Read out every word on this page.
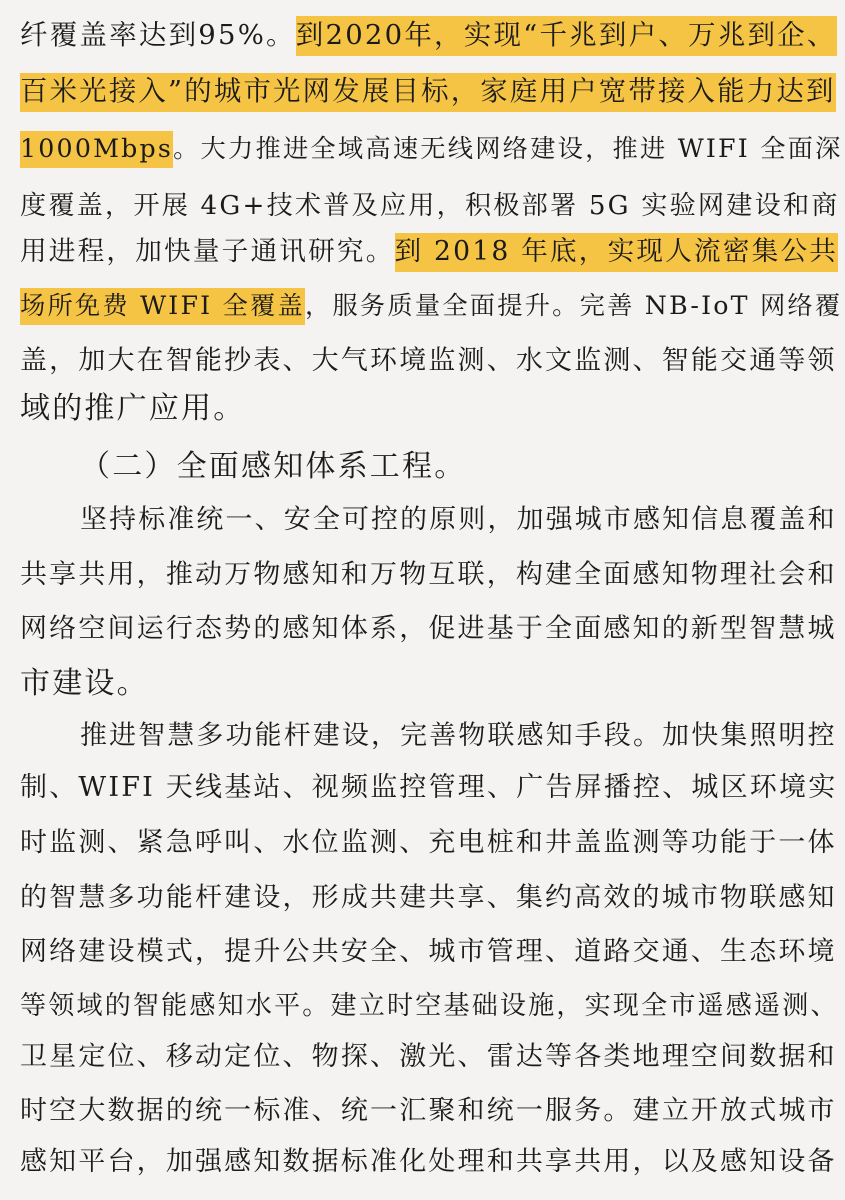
纤覆盖率达到95%。到2020年，实现“千兆到户、万兆到企、
百米光接入”的城市光网发展目标，家庭用户宽带接入能力达到
1000Mbps。大力推进全域高速无线网络建设，推进 WIFI 全面深
度覆盖，开展 4G+技术普及应用，积极部署 5G 实验网建设和商
用进程，加快量子通讯研究。到 2018 年底，实现人流密集公共
场所免费 WIFI 全覆盖，服务质量全面提升。完善 NB-IoT 网络覆
盖，加大在智能抄表、大气环境监测、水文监测、智能交通等领
域的推广应用。
（二）全面感知体系工程。
坚持标准统一、安全可控的原则，加强城市感知信息覆盖和
共享共用，推动万物感知和万物互联，构建全面感知物理社会和
网络空间运行态势的感知体系，促进基于全面感知的新型智慧城
市建设。
推进智慧多功能杆建设，完善物联感知手段。加快集照明控
制、WIFI 天线基站、视频监控管理、广告屏播控、城区环境实
时监测、紧急呼叫、水位监测、充电桩和井盖监测等功能于一体
的智慧多功能杆建设，形成共建共享、集约高效的城市物联感知
网络建设模式，提升公共安全、城市管理、道路交通、生态环境
等领域的智能感知水平。建立时空基础设施，实现全市遥感遥测、
卫星定位、移动定位、物探、激光、雷达等各类地理空间数据和
时空大数据的统一标准、统一汇聚和统一服务。建立开放式城市
感知平台，加强感知数据标准化处理和共享共用，以及感知设备
